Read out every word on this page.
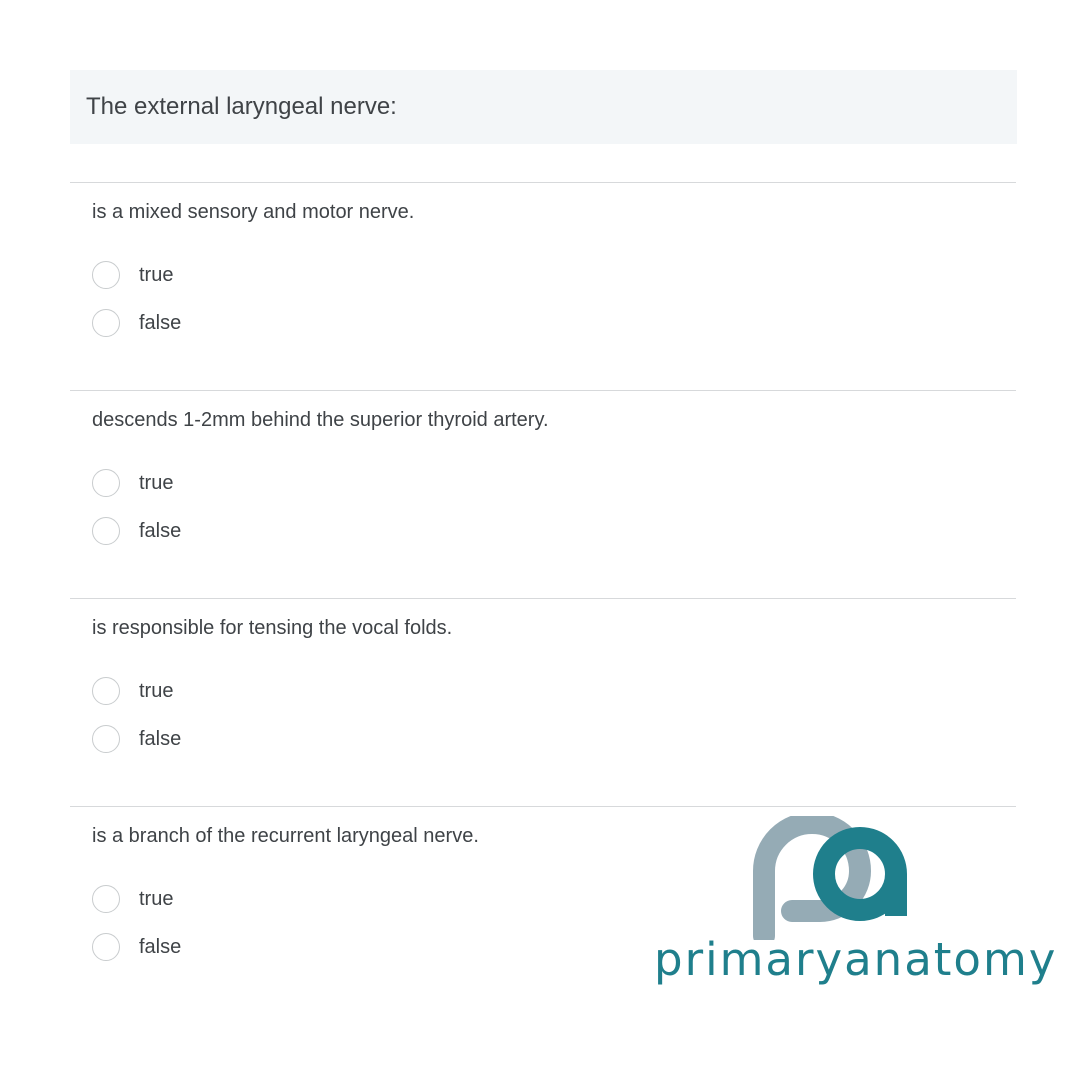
The external laryngeal nerve:
is a mixed sensory and motor nerve.
true
false
descends 1-2mm behind the superior thyroid artery.
true
false
is responsible for tensing the vocal folds.
true
false
is a branch of the recurrent laryngeal nerve.
true
false	primaryanatomy
